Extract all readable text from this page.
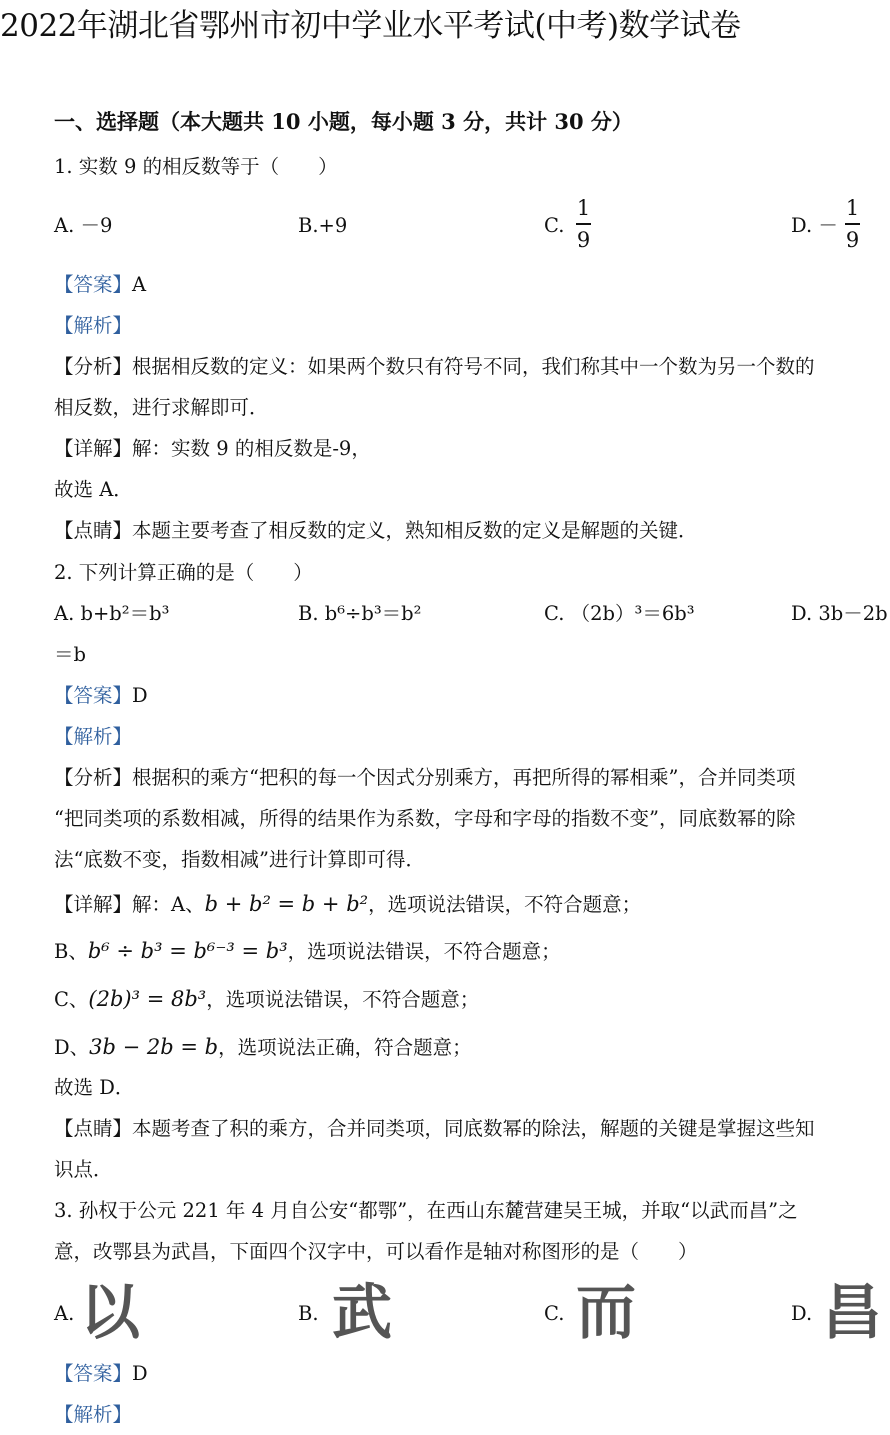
2022年湖北省鄂州市初中学业水平考试(中考)数学试卷
一、选择题（本大题共 10 小题，每小题 3 分，共计 30 分）
1. 实数 9 的相反数等于（　　）
A. －9	B.+9	C.
1
9
D. －
1
9
【答案】A
【解析】
【分析】根据相反数的定义：如果两个数只有符号不同，我们称其中一个数为另一个数的
相反数，进行求解即可．
【详解】解：实数 9 的相反数是-9，
故选 A．
【点睛】本题主要考查了相反数的定义，熟知相反数的定义是解题的关键．
2. 下列计算正确的是（　　）
A. b+b²＝b³	B. b⁶÷b³＝b²	C. （2b）³＝6b³	D. 3b－2b
＝b
【答案】D
【解析】
【分析】根据积的乘方“把积的每一个因式分别乘方，再把所得的幂相乘”，合并同类项
“把同类项的系数相减，所得的结果作为系数，字母和字母的指数不变”，同底数幂的除
法“底数不变，指数相减”进行计算即可得．
【详解】解：A、b + b² = b + b²，选项说法错误，不符合题意；
B、b⁶ ÷ b³ = b⁶⁻³ = b³，选项说法错误，不符合题意；
C、(2b)³ = 8b³，选项说法错误，不符合题意；
D、3b − 2b = b，选项说法正确，符合题意；
故选 D．
【点睛】本题考查了积的乘方，合并同类项，同底数幂的除法，解题的关键是掌握这些知
识点．
3. 孙权于公元 221 年 4 月自公安“都鄂”，在西山东麓营建吴王城，并取“以武而昌”之
意，改鄂县为武昌，下面四个汉字中，可以看作是轴对称图形的是（　　）
A. 以	B. 武	C. 而	D. 昌
【答案】D
【解析】
